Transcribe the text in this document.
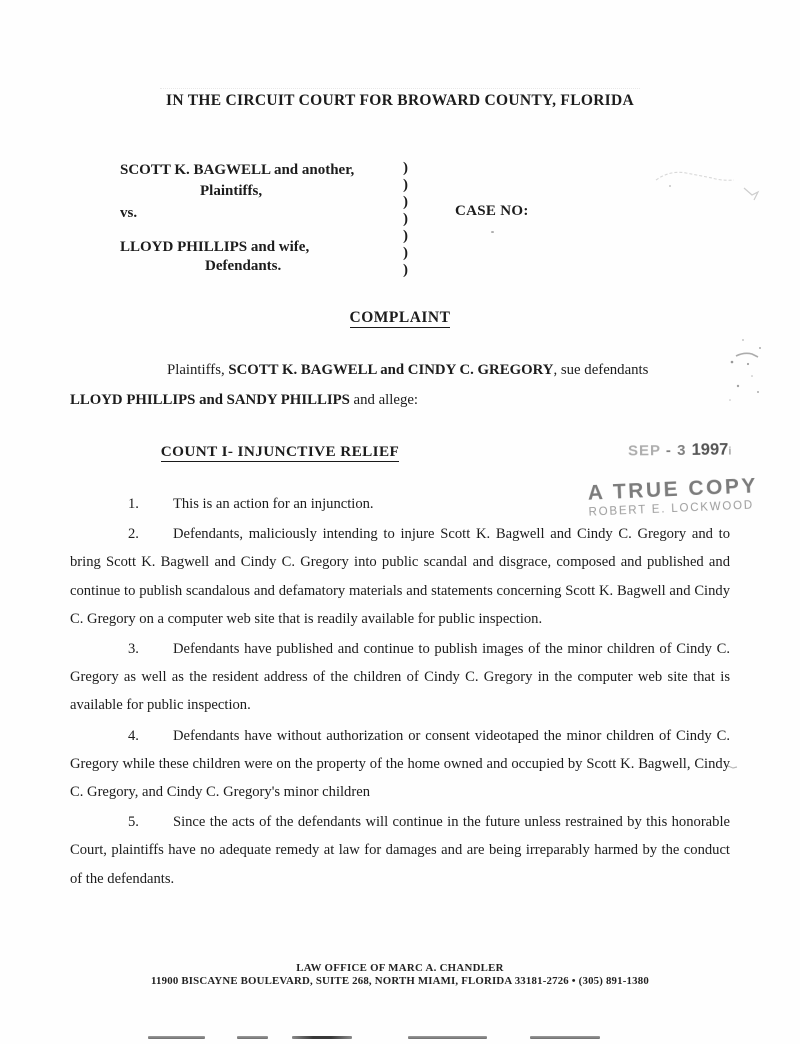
IN THE CIRCUIT COURT FOR BROWARD COUNTY, FLORIDA
SCOTT K. BAGWELL and another,
Plaintiffs,
vs.
LLOYD PHILLIPS and wife,
Defendants.
)
)
)
)
)
)
)
CASE NO:
COMPLAINT
Plaintiffs, SCOTT K. BAGWELL and CINDY C. GREGORY, sue defendants LLOYD PHILLIPS and SANDY PHILLIPS and allege:
COUNT I- INJUNCTIVE RELIEF	SEP - 3 1997i
A TRUE COPY
ROBERT E. LOCKWOOD

1. This is an action for an injunction.

2. Defendants, maliciously intending to injure Scott K. Bagwell and Cindy C. Gregory and to bring Scott K. Bagwell and Cindy C. Gregory into public scandal and disgrace, composed and published and continue to publish scandalous and defamatory materials and statements concerning Scott K. Bagwell and Cindy C. Gregory on a computer web site that is readily available for public inspection.

3. Defendants have published and continue to publish images of the minor children of Cindy C. Gregory as well as the resident address of the children of Cindy C. Gregory in the computer web site that is available for public inspection.

4. Defendants have without authorization or consent videotaped the minor children of Cindy C. Gregory while these children were on the property of the home owned and occupied by Scott K. Bagwell, Cindy C. Gregory, and Cindy C. Gregory's minor children

5. Since the acts of the defendants will continue in the future unless restrained by this honorable Court, plaintiffs have no adequate remedy at law for damages and are being irreparably harmed by the conduct of the defendants.

LAW OFFICE OF MARC A. CHANDLER
11900 BISCAYNE BOULEVARD, SUITE 268, NORTH MIAMI, FLORIDA 33181-2726 • (305) 891-1380
